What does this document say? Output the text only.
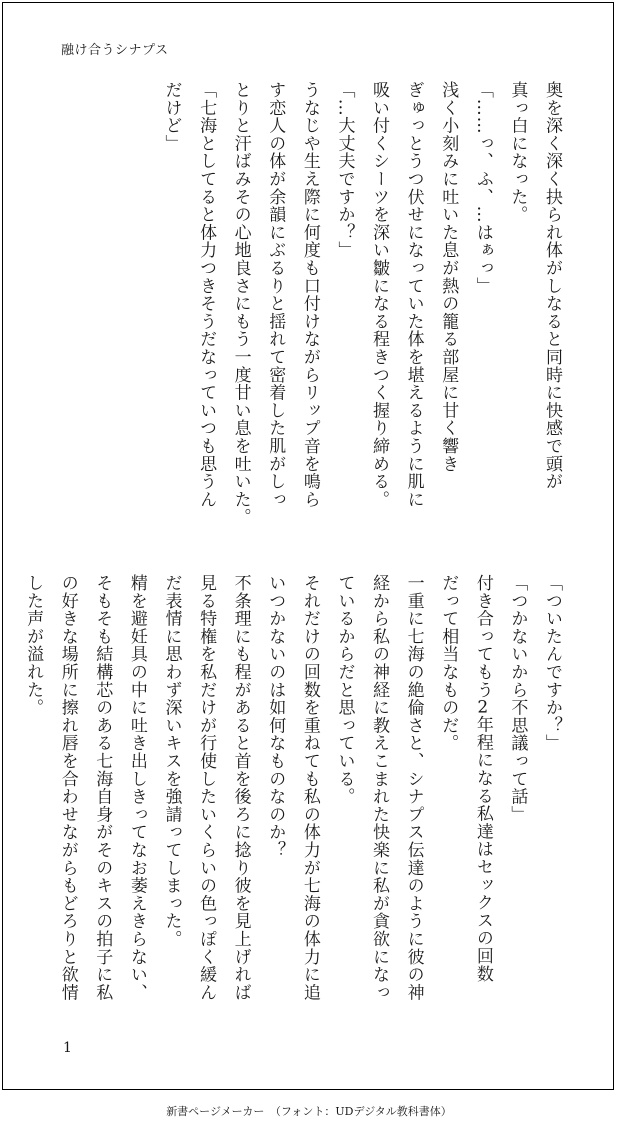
融け合うシナプス

奥を深く深く抉られ体がしなると同時に快感で頭が

真っ白になった。

「……っ、ふ、…はぁっ」

浅く小刻みに吐いた息が熱の籠る部屋に甘く響き

ぎゅっとうつ伏せになっていた体を堪えるように肌に

吸い付くシーツを深い皺になる程きつく握り締める。

「…大丈夫ですか？」

うなじや生え際に何度も口付けながらリップ音を鳴ら

す恋人の体が余韻にぶるりと揺れて密着した肌がしっ

とりと汗ばみその心地良さにもう一度甘い息を吐いた。

「七海としてると体力つきそうだなっていつも思うん

だけど」

「ついたんですか？」

「つかないから不思議って話」

付き合ってもう2年程になる私達はセックスの回数

だって相当なものだ。

一重に七海の絶倫さと、シナプス伝達のように彼の神

経から私の神経に教えこまれた快楽に私が貪欲になっ

ているからだと思っている。

それだけの回数を重ねても私の体力が七海の体力に追

いつかないのは如何なものなのか？

不条理にも程があると首を後ろに捻り彼を見上げれば

見る特権を私だけが行使したいくらいの色っぽく緩ん

だ表情に思わず深いキスを強請ってしまった。

精を避妊具の中に吐き出しきってなお萎えきらない、

そもそも結構芯のある七海自身がそのキスの拍子に私

の好きな場所に擦れ唇を合わせながらもどろりと欲情

した声が溢れた。

1
新書ページメーカー　（フォント：UDデジタル教科書体）
